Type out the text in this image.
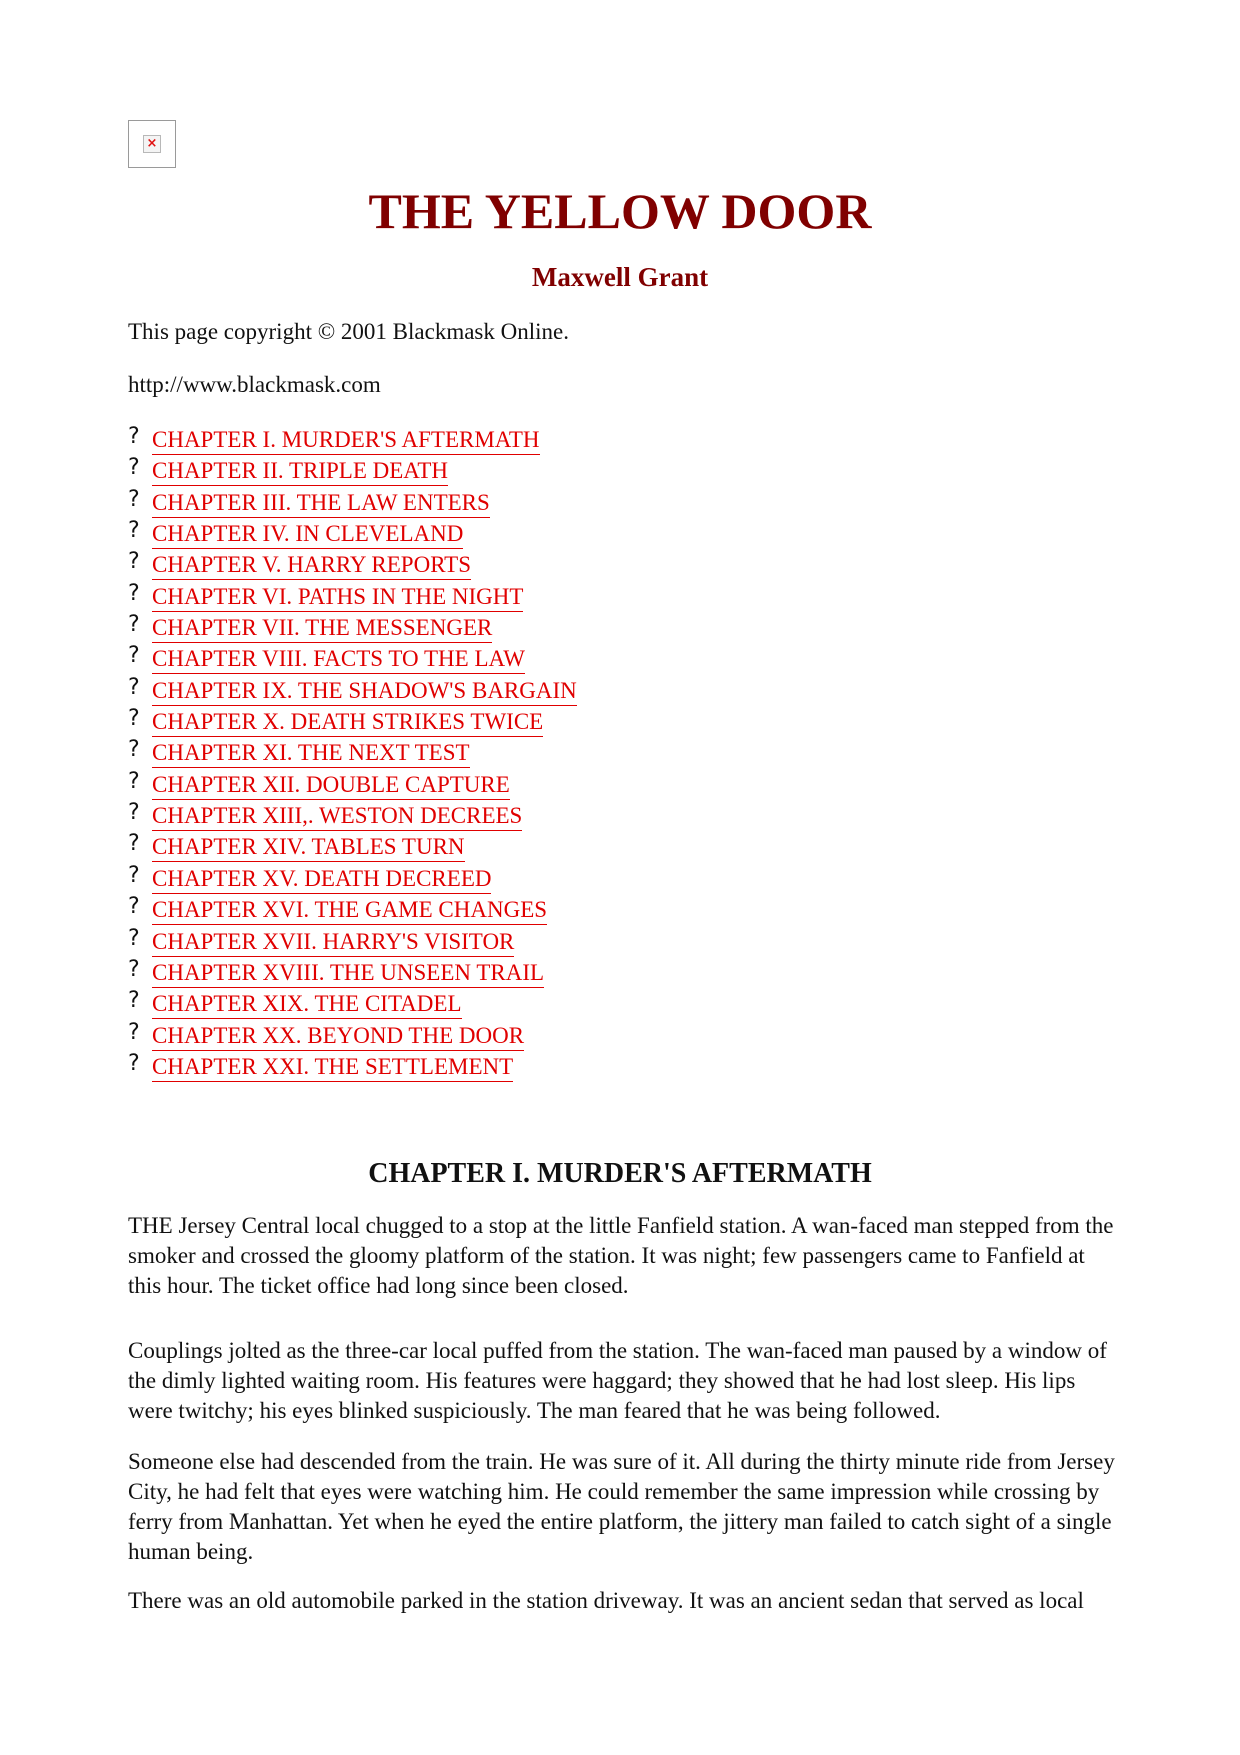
×
THE YELLOW DOOR
Maxwell Grant

This page copyright © 2001 Blackmask Online.

http://www.blackmask.com

? CHAPTER I. MURDER'S AFTERMATH
? CHAPTER II. TRIPLE DEATH
? CHAPTER III. THE LAW ENTERS
? CHAPTER IV. IN CLEVELAND
? CHAPTER V. HARRY REPORTS
? CHAPTER VI. PATHS IN THE NIGHT
? CHAPTER VII. THE MESSENGER
? CHAPTER VIII. FACTS TO THE LAW
? CHAPTER IX. THE SHADOW'S BARGAIN
? CHAPTER X. DEATH STRIKES TWICE
? CHAPTER XI. THE NEXT TEST
? CHAPTER XII. DOUBLE CAPTURE
? CHAPTER XIII,. WESTON DECREES
? CHAPTER XIV. TABLES TURN
? CHAPTER XV. DEATH DECREED
? CHAPTER XVI. THE GAME CHANGES
? CHAPTER XVII. HARRY'S VISITOR
? CHAPTER XVIII. THE UNSEEN TRAIL
? CHAPTER XIX. THE CITADEL
? CHAPTER XX. BEYOND THE DOOR
? CHAPTER XXI. THE SETTLEMENT
CHAPTER I. MURDER'S AFTERMATH

THE Jersey Central local chugged to a stop at the little Fanfield station. A wan-faced man stepped from the smoker and crossed the gloomy platform of the station. It was night; few passengers came to Fanfield at this hour. The ticket office had long since been closed.

Couplings jolted as the three-car local puffed from the station. The wan-faced man paused by a window of the dimly lighted waiting room. His features were haggard; they showed that he had lost sleep. His lips were twitchy; his eyes blinked suspiciously. The man feared that he was being followed.

Someone else had descended from the train. He was sure of it. All during the thirty minute ride from Jersey City, he had felt that eyes were watching him. He could remember the same impression while crossing by ferry from Manhattan. Yet when he eyed the entire platform, the jittery man failed to catch sight of a single human being.

There was an old automobile parked in the station driveway. It was an ancient sedan that served as local
